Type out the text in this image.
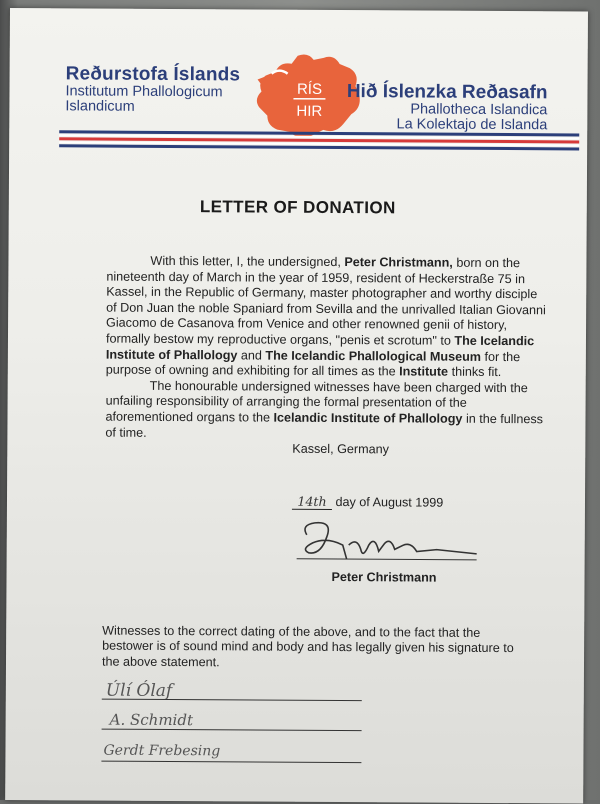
Reðurstofa Íslands
Institutum Phallologicum
Islandicum
RÍS
HIR
Hið Íslenzka Reðasafn
Phallotheca Islandica
La Kolektajo de Islanda
LETTER OF DONATION

With this letter, I, the undersigned, Peter Christmann, born on the nineteenth day of March in the year of 1959, resident of Heckerstraße 75 in Kassel, in the Republic of Germany, master photographer and worthy disciple of Don Juan the noble Spaniard from Sevilla and the unrivalled Italian Giovanni Giacomo de Casanova from Venice and other renowned genii of history, formally bestow my reproductive organs, "penis et scrotum" to The Icelandic Institute of Phallology and The Icelandic Phallological Museum for the purpose of owning and exhibiting for all times as the Institute thinks fit.

The honourable undersigned witnesses have been charged with the unfailing responsibility of arranging the formal presentation of the aforementioned organs to the Icelandic Institute of Phallology in the fullness of time.

Kassel, Germany
14th day of August 1999
Peter Christmann
Witnesses to the correct dating of the above, and to the fact that the bestower is of sound mind and body and has legally given his signature to the above statement.
Úlí Ólaf
A. Schmidt
Gerdt Frebesing
